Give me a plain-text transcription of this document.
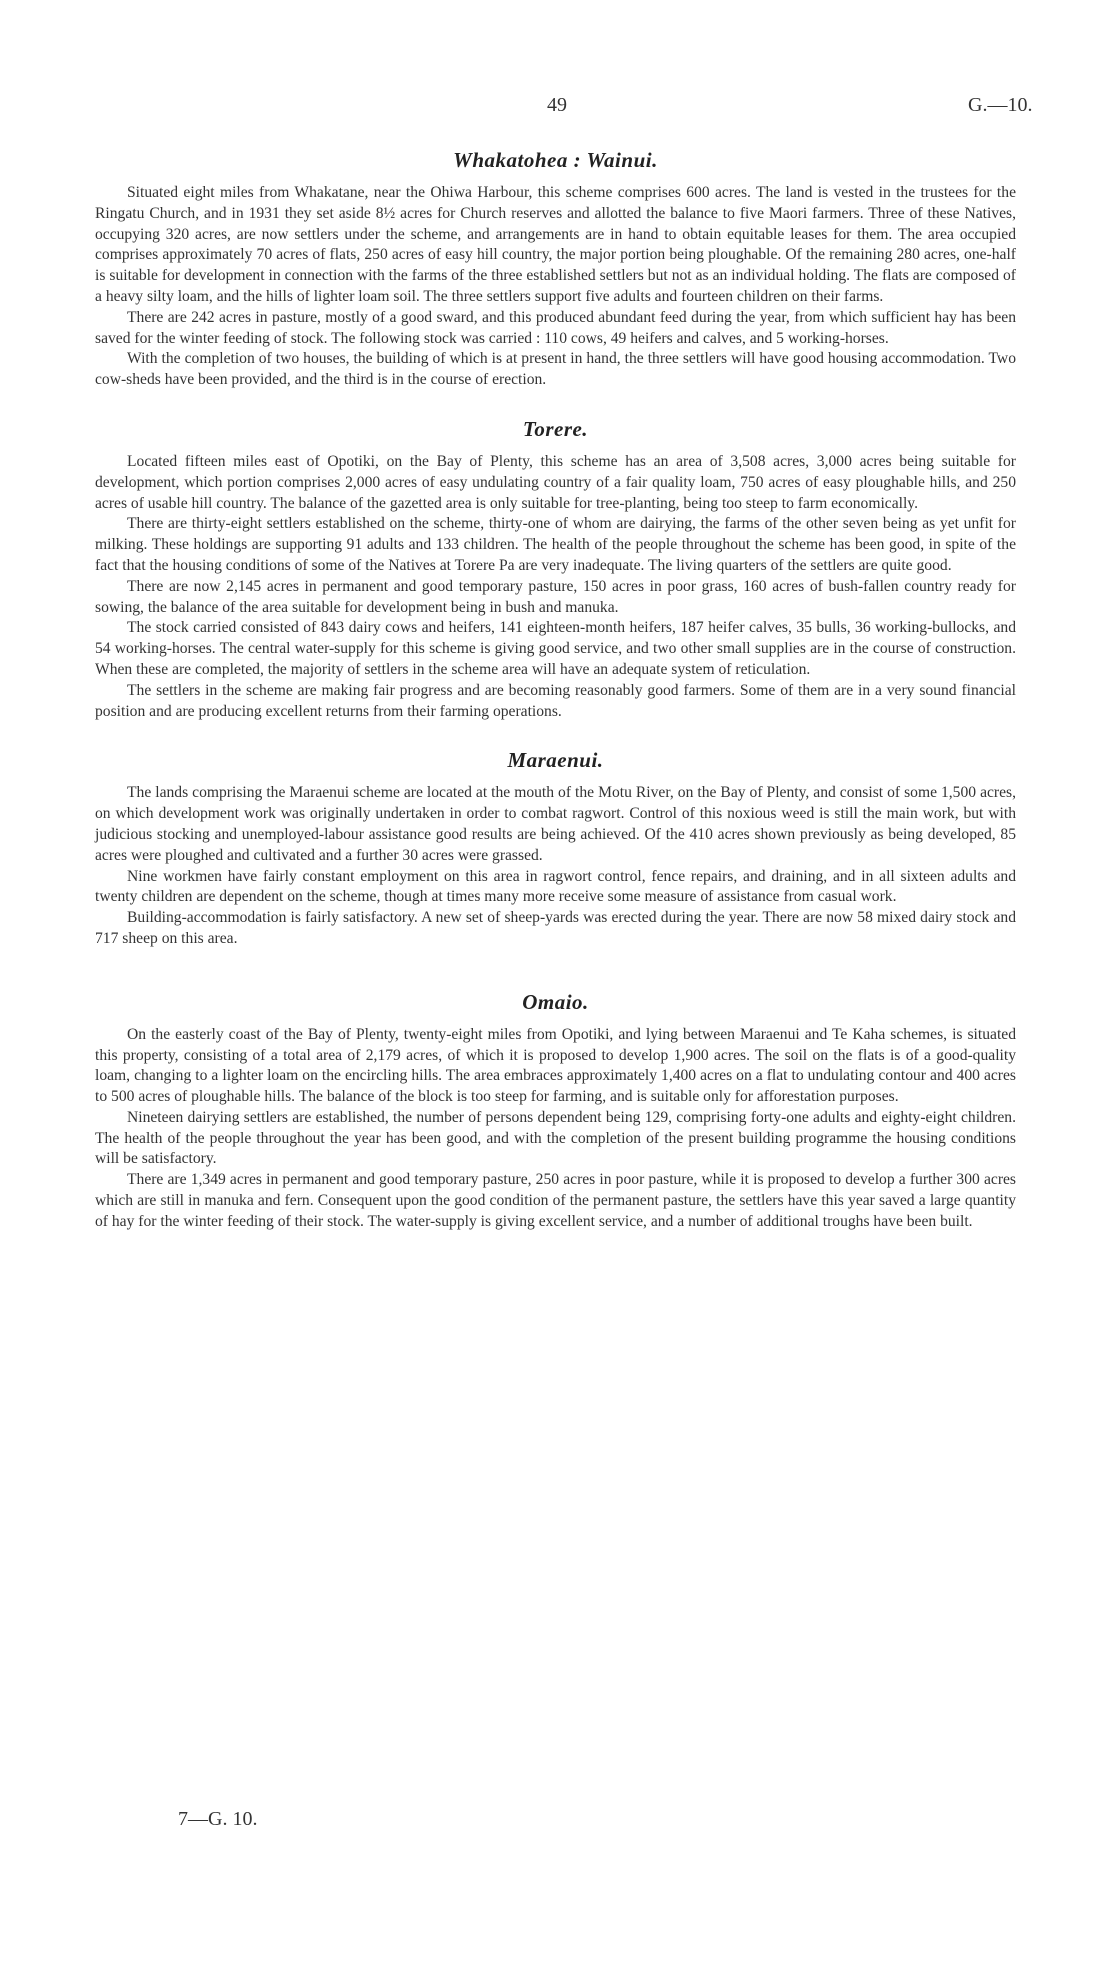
49	G.—10.
Whakatohea : Wainui.

Situated eight miles from Whakatane, near the Ohiwa Harbour, this scheme comprises 600 acres. The land is vested in the trustees for the Ringatu Church, and in 1931 they set aside 8½ acres for Church reserves and allotted the balance to five Maori farmers. Three of these Natives, occupying 320 acres, are now settlers under the scheme, and arrangements are in hand to obtain equitable leases for them. The area occupied comprises approximately 70 acres of flats, 250 acres of easy hill country, the major portion being ploughable. Of the remaining 280 acres, one-half is suitable for development in connection with the farms of the three established settlers but not as an individual holding. The flats are composed of a heavy silty loam, and the hills of lighter loam soil. The three settlers support five adults and fourteen children on their farms.

There are 242 acres in pasture, mostly of a good sward, and this produced abundant feed during the year, from which sufficient hay has been saved for the winter feeding of stock. The following stock was carried : 110 cows, 49 heifers and calves, and 5 working-horses.

With the completion of two houses, the building of which is at present in hand, the three settlers will have good housing accommodation. Two cow-sheds have been provided, and the third is in the course of erection.

Torere.

Located fifteen miles east of Opotiki, on the Bay of Plenty, this scheme has an area of 3,508 acres, 3,000 acres being suitable for development, which portion comprises 2,000 acres of easy undulating country of a fair quality loam, 750 acres of easy ploughable hills, and 250 acres of usable hill country. The balance of the gazetted area is only suitable for tree-planting, being too steep to farm economically.

There are thirty-eight settlers established on the scheme, thirty-one of whom are dairying, the farms of the other seven being as yet unfit for milking. These holdings are supporting 91 adults and 133 children. The health of the people throughout the scheme has been good, in spite of the fact that the housing conditions of some of the Natives at Torere Pa are very inadequate. The living quarters of the settlers are quite good.

There are now 2,145 acres in permanent and good temporary pasture, 150 acres in poor grass, 160 acres of bush-fallen country ready for sowing, the balance of the area suitable for development being in bush and manuka.

The stock carried consisted of 843 dairy cows and heifers, 141 eighteen-month heifers, 187 heifer calves, 35 bulls, 36 working-bullocks, and 54 working-horses. The central water-supply for this scheme is giving good service, and two other small supplies are in the course of construction. When these are completed, the majority of settlers in the scheme area will have an adequate system of reticulation.

The settlers in the scheme are making fair progress and are becoming reasonably good farmers. Some of them are in a very sound financial position and are producing excellent returns from their farming operations.

Maraenui.

The lands comprising the Maraenui scheme are located at the mouth of the Motu River, on the Bay of Plenty, and consist of some 1,500 acres, on which development work was originally undertaken in order to combat ragwort. Control of this noxious weed is still the main work, but with judicious stocking and unemployed-labour assistance good results are being achieved. Of the 410 acres shown previously as being developed, 85 acres were ploughed and cultivated and a further 30 acres were grassed.

Nine workmen have fairly constant employment on this area in ragwort control, fence repairs, and draining, and in all sixteen adults and twenty children are dependent on the scheme, though at times many more receive some measure of assistance from casual work.

Building-accommodation is fairly satisfactory. A new set of sheep-yards was erected during the year. There are now 58 mixed dairy stock and 717 sheep on this area.

Omaio.

On the easterly coast of the Bay of Plenty, twenty-eight miles from Opotiki, and lying between Maraenui and Te Kaha schemes, is situated this property, consisting of a total area of 2,179 acres, of which it is proposed to develop 1,900 acres. The soil on the flats is of a good-quality loam, changing to a lighter loam on the encircling hills. The area embraces approximately 1,400 acres on a flat to undulating contour and 400 acres to 500 acres of ploughable hills. The balance of the block is too steep for farming, and is suitable only for afforestation purposes.

Nineteen dairying settlers are established, the number of persons dependent being 129, comprising forty-one adults and eighty-eight children. The health of the people throughout the year has been good, and with the completion of the present building programme the housing conditions will be satisfactory.

There are 1,349 acres in permanent and good temporary pasture, 250 acres in poor pasture, while it is proposed to develop a further 300 acres which are still in manuka and fern. Consequent upon the good condition of the permanent pasture, the settlers have this year saved a large quantity of hay for the winter feeding of their stock. The water-supply is giving excellent service, and a number of additional troughs have been built.

7—G. 10.
